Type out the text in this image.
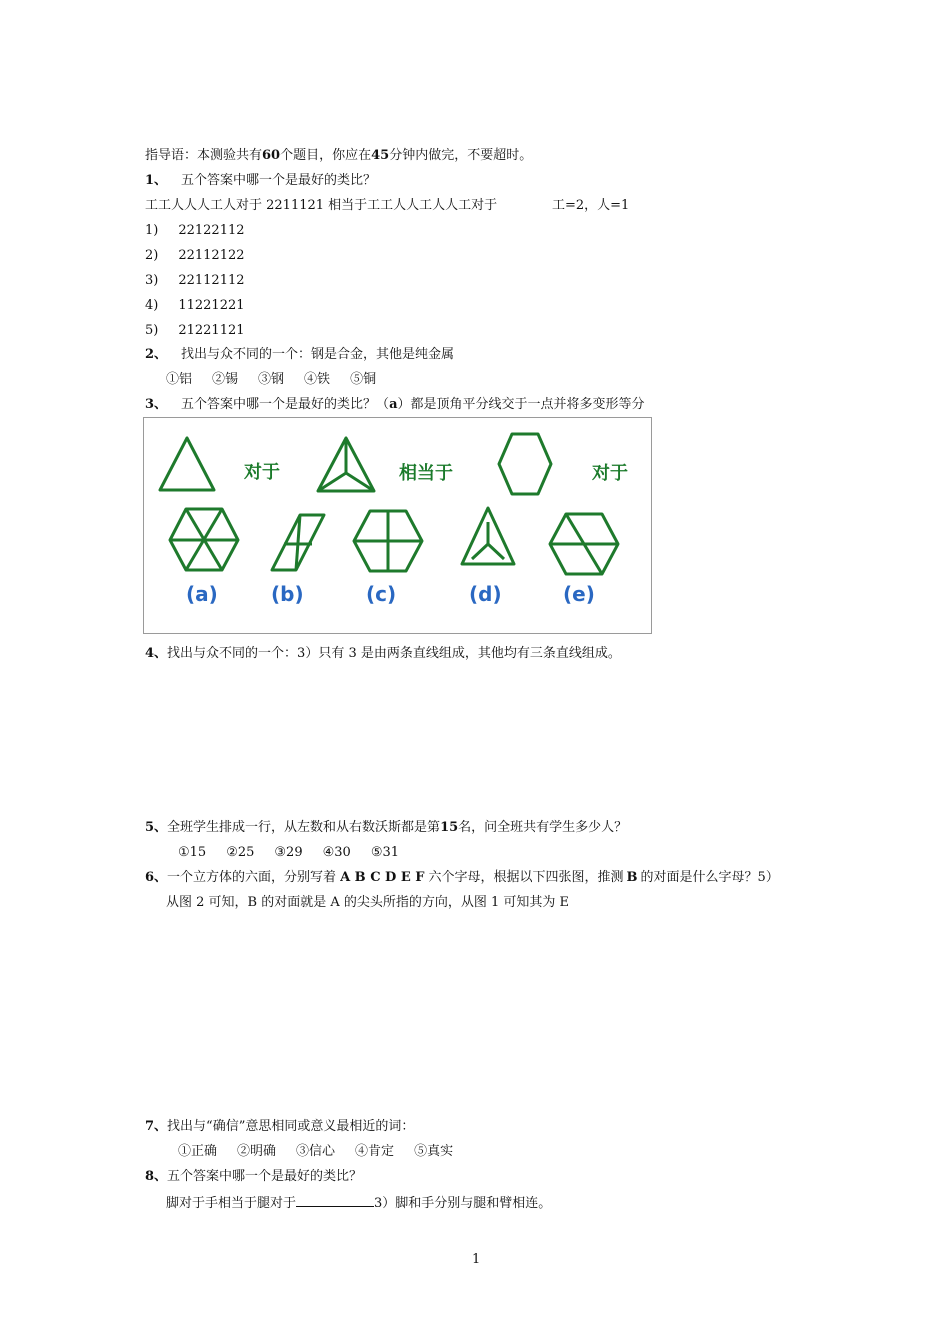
指导语：本测验共有60个题目，你应在45分钟内做完，不要超时。
1、 五个答案中哪一个是最好的类比？
工工人人人工人对于 2211121 相当于工工人人工人人工对于	工=2，人=1
1) 22122112
2) 22112122
3) 22112112
4) 11221221
5) 21221121
2、 找出与众不同的一个：钢是合金，其他是纯金属
①铝 ②锡 ③钢 ④铁 ⑤铜
3、 五个答案中哪一个是最好的类比？（a）都是顶角平分线交于一点并将多变形等分
对于	相当于	对于
(a)	(b)	(c)	(d)	(e)
4、找出与众不同的一个：3）只有 3 是由两条直线组成，其他均有三条直线组成。
5、全班学生排成一行，从左数和从右数沃斯都是第15名，问全班共有学生多少人？
①15 ②25 ③29 ④30 ⑤31
6、一个立方体的六面，分别写着 A B C D E F 六个字母，根据以下四张图，推测 B 的对面是什么字母？5）
从图 2 可知，B 的对面就是 A 的尖头所指的方向，从图 1 可知其为 E
7、找出与“确信”意思相同或意义最相近的词：
①正确 ②明确 ③信心 ④肯定 ⑤真实
8、五个答案中哪一个是最好的类比？
脚对于手相当于腿对于	3）脚和手分别与腿和臂相连。
1
